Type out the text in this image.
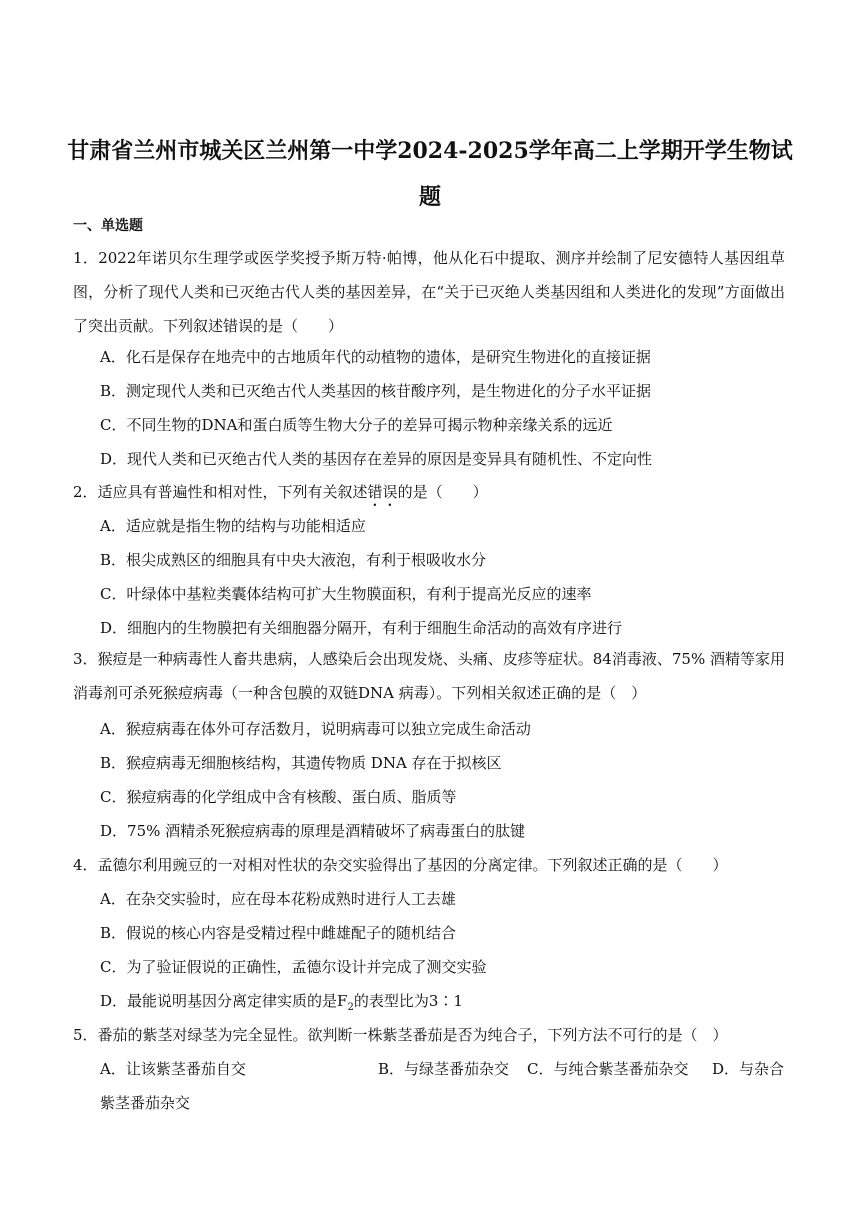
甘肃省兰州市城关区兰州第一中学2024-2025学年高二上学期开学生物试
题
一、单选题
1．2022年诺贝尔生理学或医学奖授予斯万特·帕博，他从化石中提取、测序并绘制了尼安德特人基因组草图，分析了现代人类和已灭绝古代人类的基因差异，在“关于已灭绝人类基因组和人类进化的发现”方面做出了突出贡献。下列叙述错误的是（　　）
A．化石是保存在地壳中的古地质年代的动植物的遗体，是研究生物进化的直接证据
B．测定现代人类和已灭绝古代人类基因的核苷酸序列，是生物进化的分子水平证据
C．不同生物的DNA和蛋白质等生物大分子的差异可揭示物种亲缘关系的远近
D．现代人类和已灭绝古代人类的基因存在差异的原因是变异具有随机性、不定向性
2．适应具有普遍性和相对性，下列有关叙述错误的是（　　）
A．适应就是指生物的结构与功能相适应
B．根尖成熟区的细胞具有中央大液泡，有利于根吸收水分
C．叶绿体中基粒类囊体结构可扩大生物膜面积，有利于提高光反应的速率
D．细胞内的生物膜把有关细胞器分隔开，有利于细胞生命活动的高效有序进行
3．猴痘是一种病毒性人畜共患病，人感染后会出现发烧、头痛、皮疹等症状。84消毒液、75% 酒精等家用消毒剂可杀死猴痘病毒（一种含包膜的双链DNA 病毒）。下列相关叙述正确的是（　）
A．猴痘病毒在体外可存活数月，说明病毒可以独立完成生命活动
B．猴痘病毒无细胞核结构，其遗传物质 DNA 存在于拟核区
C．猴痘病毒的化学组成中含有核酸、蛋白质、脂质等
D．75% 酒精杀死猴痘病毒的原理是酒精破坏了病毒蛋白的肽键
4．孟德尔利用豌豆的一对相对性状的杂交实验得出了基因的分离定律。下列叙述正确的是（　　）
A．在杂交实验时，应在母本花粉成熟时进行人工去雄
B．假说的核心内容是受精过程中雌雄配子的随机结合
C．为了验证假说的正确性，孟德尔设计并完成了测交实验
D．最能说明基因分离定律实质的是$F_2$的表型比为3∶1
5．番茄的紫茎对绿茎为完全显性。欲判断一株紫茎番茄是否为纯合子，下列方法不可行的是（　）
A．让该紫茎番茄自交	B．与绿茎番茄杂交 C．与纯合紫茎番茄杂交 D．与杂合
紫茎番茄杂交
